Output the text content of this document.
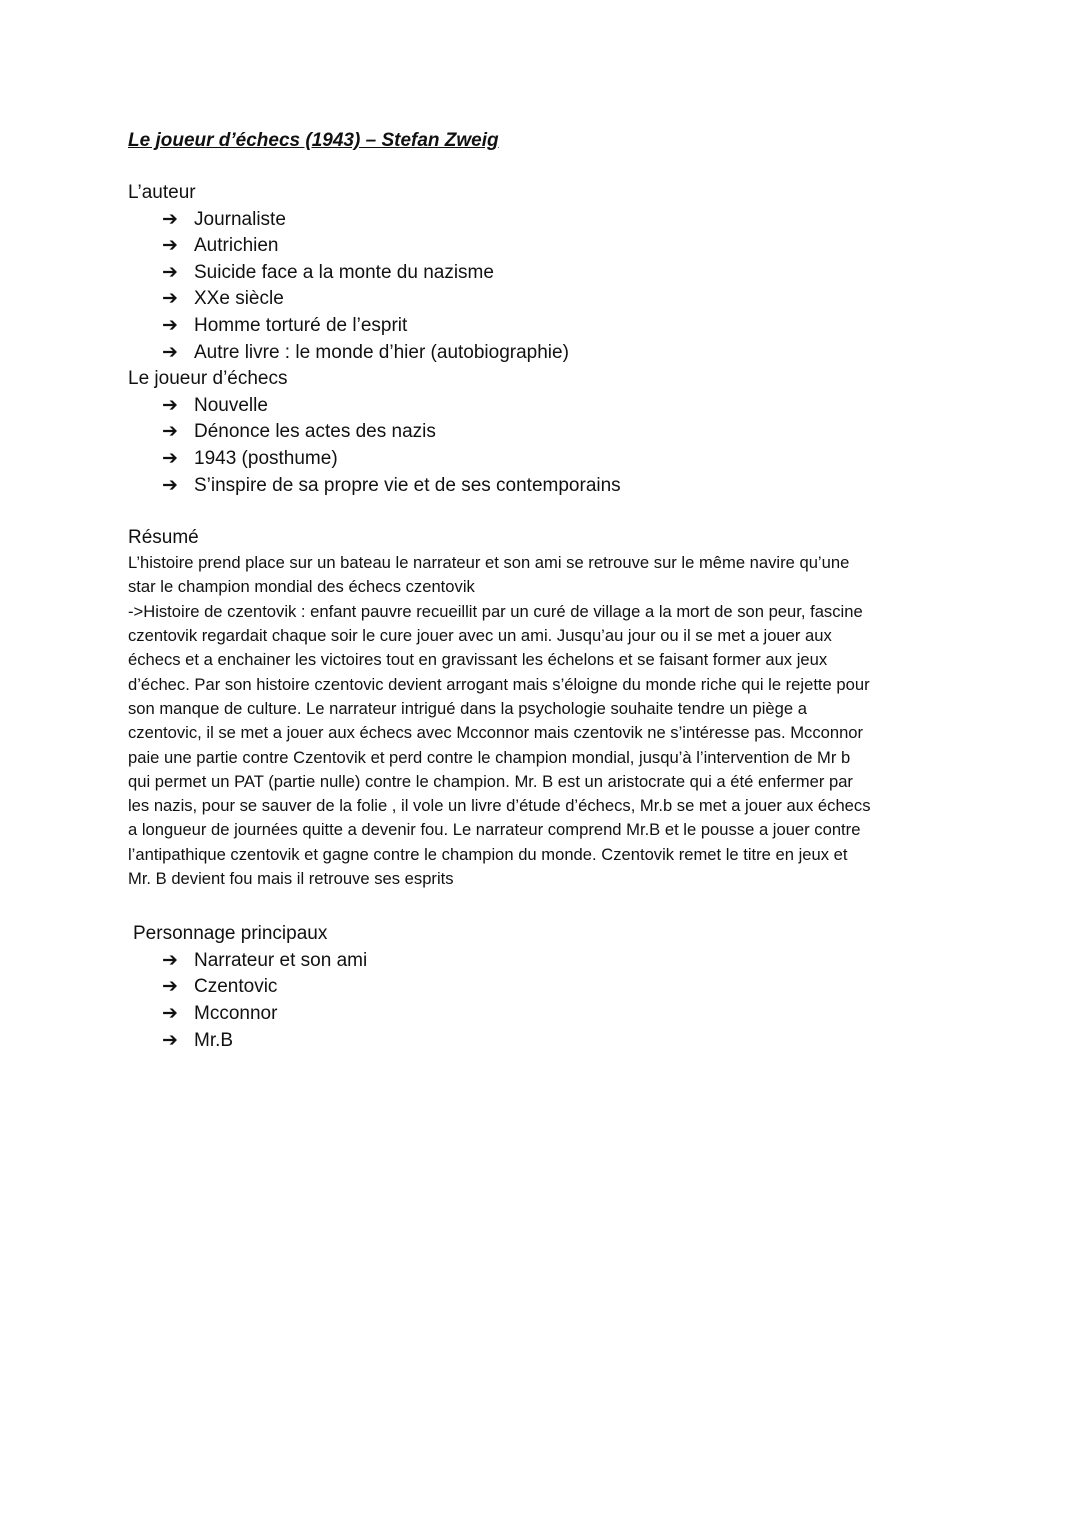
Le joueur d’échecs (1943) – Stefan Zweig

L’auteur

➔ Journaliste
➔ Autrichien
➔ Suicide face a la monte du nazisme
➔ XXe siècle
➔ Homme torturé de l’esprit
➔ Autre livre : le monde d’hier (autobiographie)

Le joueur d’échecs

➔ Nouvelle
➔ Dénonce les actes des nazis
➔ 1943 (posthume)
➔ S’inspire de sa propre vie et de ses contemporains

Résumé

L’histoire prend place sur un bateau le narrateur et son ami se retrouve sur le même navire qu’une

star le champion mondial des échecs czentovik

->Histoire de czentovik : enfant pauvre recueillit par un curé de village a la mort de son peur, fascine

czentovik regardait chaque soir le cure jouer avec un ami. Jusqu’au jour ou il se met a jouer aux

échecs et a enchainer les victoires tout en gravissant les échelons et se faisant former aux jeux

d’échec. Par son histoire czentovic devient arrogant mais s’éloigne du monde riche qui le rejette pour

son manque de culture. Le narrateur intrigué dans la psychologie souhaite tendre un piège a

czentovic, il se met a jouer aux échecs avec Mcconnor mais czentovik ne s’intéresse pas. Mcconnor

paie une partie contre Czentovik et perd contre le champion mondial, jusqu’à l’intervention de Mr b

qui permet un PAT (partie nulle) contre le champion. Mr. B est un aristocrate qui a été enfermer par

les nazis, pour se sauver de la folie , il vole un livre d’étude d’échecs, Mr.b se met a jouer aux échecs

a longueur de journées quitte a devenir fou. Le narrateur comprend Mr.B et le pousse a jouer contre

l’antipathique czentovik et gagne contre le champion du monde. Czentovik remet le titre en jeux et

Mr. B devient fou mais il retrouve ses esprits

Personnage principaux

➔ Narrateur et son ami
➔ Czentovic
➔ Mcconnor
➔ Mr.B
